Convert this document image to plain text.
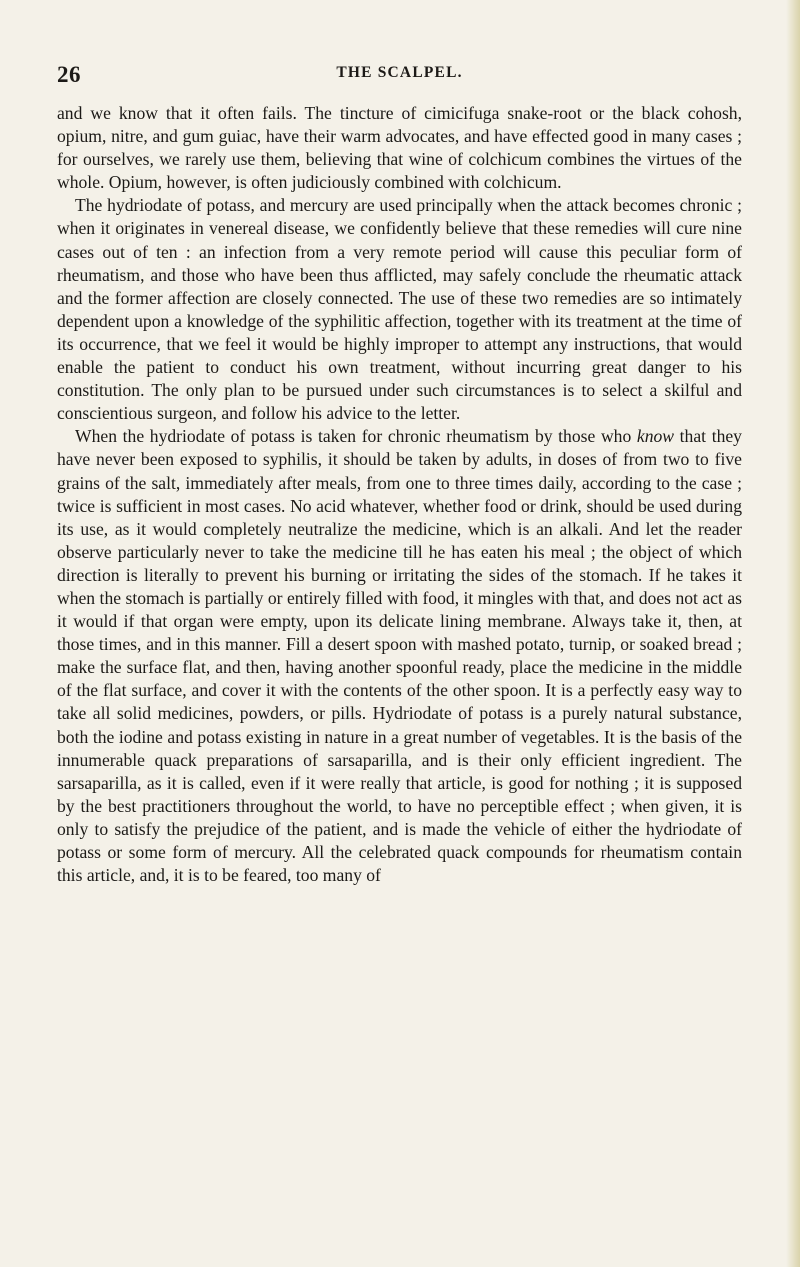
26	THE SCALPEL.

and we know that it often fails. The tincture of cimicifuga snake-root or the black cohosh, opium, nitre, and gum guiac, have their warm advocates, and have effected good in many cases ; for ourselves, we rarely use them, believing that wine of colchicum combines the virtues of the whole. Opium, however, is often judiciously combined with colchicum.

The hydriodate of potass, and mercury are used principally when the attack becomes chronic ; when it originates in venereal disease, we confidently believe that these remedies will cure nine cases out of ten : an infection from a very remote period will cause this peculiar form of rheumatism, and those who have been thus afflicted, may safely conclude the rheumatic attack and the former affection are closely connected. The use of these two remedies are so intimately dependent upon a knowledge of the syphilitic affection, together with its treatment at the time of its occurrence, that we feel it would be highly improper to attempt any instructions, that would enable the patient to conduct his own treatment, without incurring great danger to his constitution. The only plan to be pursued under such circumstances is to select a skilful and conscientious surgeon, and follow his advice to the letter.

When the hydriodate of potass is taken for chronic rheumatism by those who know that they have never been exposed to syphilis, it should be taken by adults, in doses of from two to five grains of the salt, immediately after meals, from one to three times daily, according to the case ; twice is sufficient in most cases. No acid whatever, whether food or drink, should be used during its use, as it would completely neutralize the medicine, which is an alkali. And let the reader observe particularly never to take the medicine till he has eaten his meal ; the object of which direction is literally to prevent his burning or irritating the sides of the stomach. If he takes it when the stomach is partially or entirely filled with food, it mingles with that, and does not act as it would if that organ were empty, upon its delicate lining membrane. Always take it, then, at those times, and in this manner. Fill a desert spoon with mashed potato, turnip, or soaked bread ; make the surface flat, and then, having another spoonful ready, place the medicine in the middle of the flat surface, and cover it with the contents of the other spoon. It is a perfectly easy way to take all solid medicines, powders, or pills. Hydriodate of potass is a purely natural substance, both the iodine and potass existing in nature in a great number of vegetables. It is the basis of the innumerable quack preparations of sarsaparilla, and is their only efficient ingredient. The sarsaparilla, as it is called, even if it were really that article, is good for nothing ; it is supposed by the best practitioners throughout the world, to have no perceptible effect ; when given, it is only to satisfy the prejudice of the patient, and is made the vehicle of either the hydriodate of potass or some form of mercury. All the celebrated quack compounds for rheumatism contain this article, and, it is to be feared, too many of
